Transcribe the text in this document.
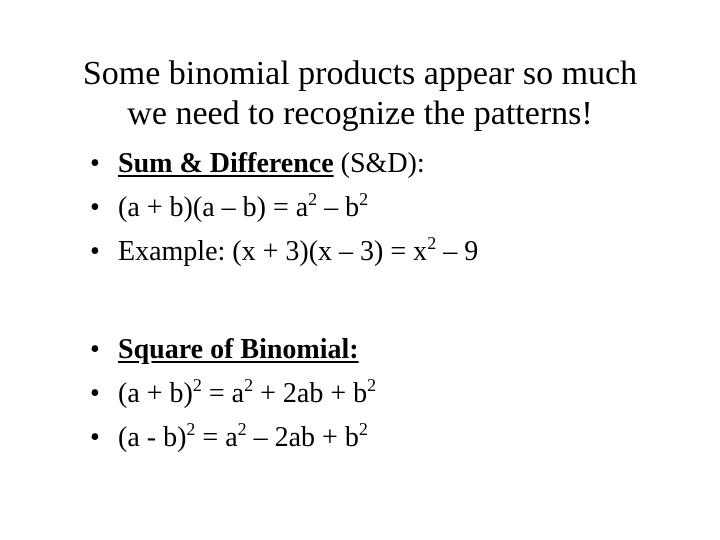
Some binomial products appear so much
we need to recognize the patterns!
• Sum & Difference (S&D):
• $(a + b)(a - b) = a^2 - b^2$
• Example: $(x + 3)(x - 3) = x^2 - 9$
• Square of Binomial:
• $(a + b)^2 = a^2 + 2ab + b^2$
• $(a - b)^2 = a^2 - 2ab + b^2$
